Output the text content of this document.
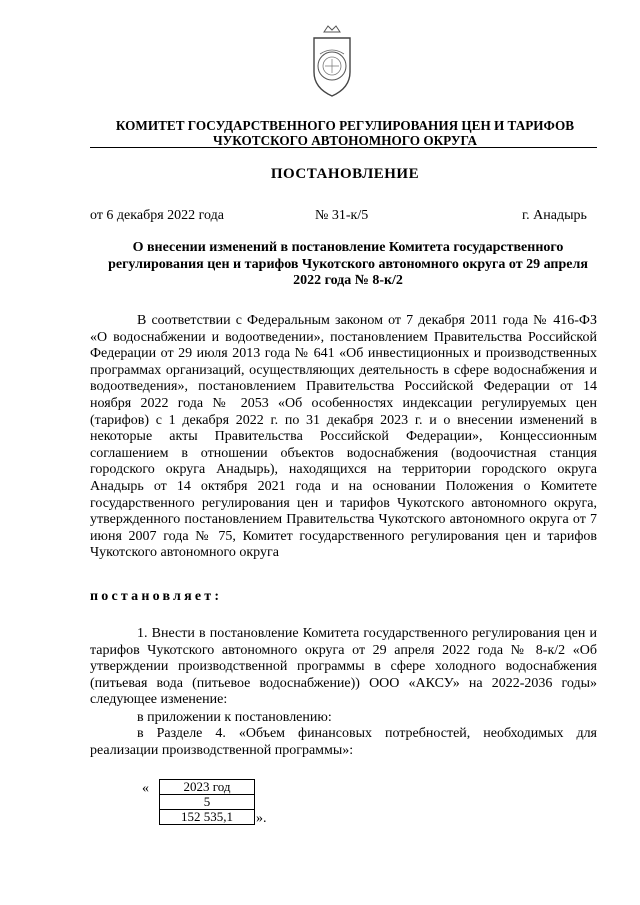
КОМИТЕТ ГОСУДАРСТВЕННОГО РЕГУЛИРОВАНИЯ ЦЕН И ТАРИФОВ
ЧУКОТСКОГО АВТОНОМНОГО ОКРУГА
ПОСТАНОВЛЕНИЕ
от 6 декабря 2022 года	№ 31-к/5	г. Анадырь
О внесении изменений в постановление Комитета государственного регулирования цен и тарифов Чукотского автономного округа от 29 апреля 2022 года № 8-к/2
В соответствии с Федеральным законом от 7 декабря 2011 года № 416-ФЗ «О водоснабжении и водоотведении», постановлением Правительства Российской Федерации от 29 июля 2013 года № 641 «Об инвестиционных и производственных программах организаций, осуществляющих деятельность в сфере водоснабжения и водоотведения», постановлением Правительства Российской Федерации от 14 ноября 2022 года № 2053 «Об особенностях индексации регулируемых цен (тарифов) с 1 декабря 2022 г. по 31 декабря 2023 г. и о внесении изменений в некоторые акты Правительства Российской Федерации», Концессионным соглашением в отношении объектов водоснабжения (водоочистная станция городского округа Анадырь), находящихся на территории городского округа Анадырь от 14 октября 2021 года и на основании Положения о Комитете государственного регулирования цен и тарифов Чукотского автономного округа, утвержденного постановлением Правительства Чукотского автономного округа от 7 июня 2007 года № 75, Комитет государственного регулирования цен и тарифов Чукотского автономного округа
постановляет:
1. Внести в постановление Комитета государственного регулирования цен и тарифов Чукотского автономного округа от 29 апреля 2022 года № 8-к/2 «Об утверждении производственной программы в сфере холодного водоснабжения (питьевая вода (питьевое водоснабжение)) ООО «АКСУ» на 2022-2036 годы» следующее изменение:
в приложении к постановлению:
в Разделе 4. «Объем финансовых потребностей, необходимых для реализации производственной программы»:
«	2023 год
5
152 535,1 ».
